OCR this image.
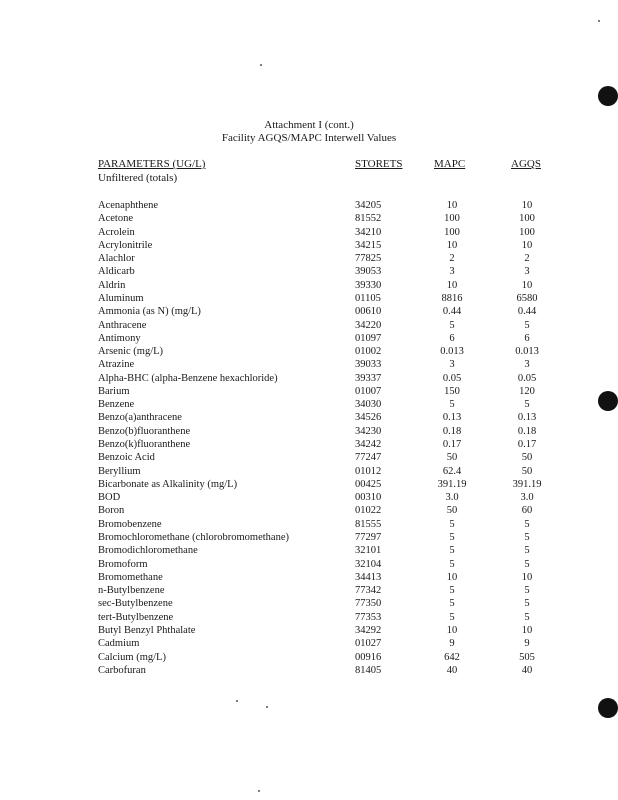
Attachment I (cont.)
Facility AGQS/MAPC Interwell Values
PARAMETERS (UG/L)	STORETS	MAPC	AGQS
Unfiltered (totals)
Acenaphthene	34205	10	10
Acetone	81552	100	100
Acrolein	34210	100	100
Acrylonitrile	34215	10	10
Alachlor	77825	2	2
Aldicarb	39053	3	3
Aldrin	39330	10	10
Aluminum	01105	8816	6580
Ammonia (as N) (mg/L)	00610	0.44	0.44
Anthracene	34220	5	5
Antimony	01097	6	6
Arsenic (mg/L)	01002	0.013	0.013
Atrazine	39033	3	3
Alpha-BHC (alpha-Benzene hexachloride)	39337	0.05	0.05
Barium	01007	150	120
Benzene	34030	5	5
Benzo(a)anthracene	34526	0.13	0.13
Benzo(b)fluoranthene	34230	0.18	0.18
Benzo(k)fluoranthene	34242	0.17	0.17
Benzoic Acid	77247	50	50
Beryllium	01012	62.4	50
Bicarbonate as Alkalinity (mg/L)	00425	391.19	391.19
BOD	00310	3.0	3.0
Boron	01022	50	60
Bromobenzene	81555	5	5
Bromochloromethane (chlorobromomethane)	77297	5	5
Bromodichloromethane	32101	5	5
Bromoform	32104	5	5
Bromomethane	34413	10	10
n-Butylbenzene	77342	5	5
sec-Butylbenzene	77350	5	5
tert-Butylbenzene	77353	5	5
Butyl Benzyl Phthalate	34292	10	10
Cadmium	01027	9	9
Calcium (mg/L)	00916	642	505
Carbofuran	81405	40	40
